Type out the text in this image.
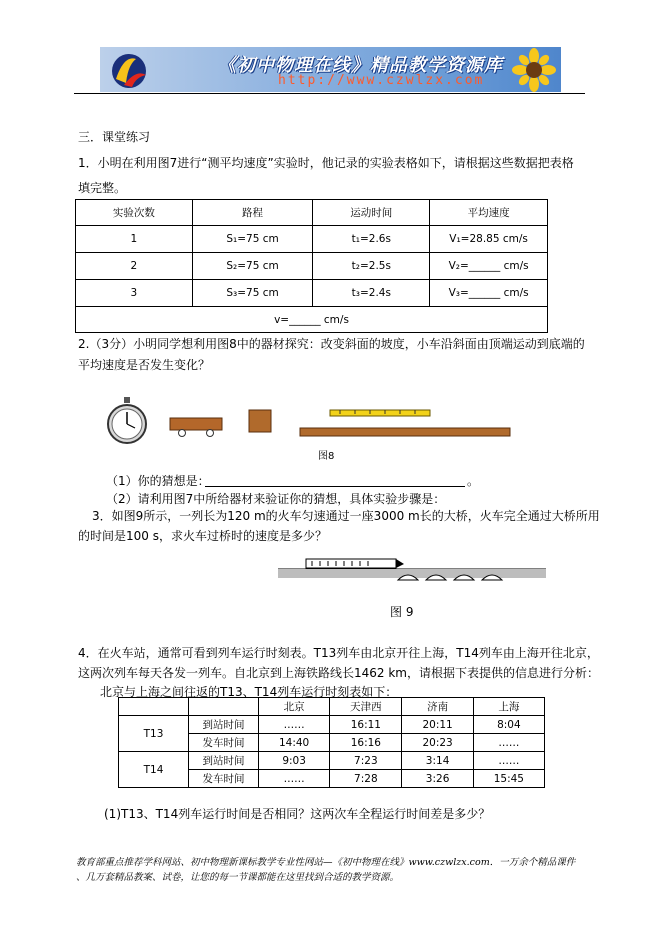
《初中物理在线》精品教学资源库
http://www.czwlzx.com
三．课堂练习
1．小明在利用图7进行“测平均速度”实验时，他记录的实验表格如下，请根据这些数据把表格
填完整。
实验次数	路程	运动时间	平均速度
1	S₁=75 cm	t₁=2.6s	V₁=28.85 cm/s
2	S₂=75 cm	t₂=2.5s	V₂=______ cm/s
3	S₃=75 cm	t₃=2.4s	V₃=______ cm/s
v=______ cm/s			
2.（3分）小明同学想利用图8中的器材探究：改变斜面的坡度，小车沿斜面由顶端运动到底端的
平均速度是否发生变化？
图8
（1）你的猜想是：	。
（2）请利用图7中所给器材来验证你的猜想，具体实验步骤是：
3．如图9所示，一列长为120 m的火车匀速通过一座3000 m长的大桥，火车完全通过大桥所用
的时间是100 s，求火车过桥时的速度是多少？
图 9
4．在火车站，通常可看到列车运行时刻表。T13列车由北京开往上海，T14列车由上海开往北京，
这两次列车每天各发一列车。自北京到上海铁路线长1462 km，请根据下表提供的信息进行分析：
北京与上海之间往返的T13、T14列车运行时刻表如下：
		北京	天津西	济南	上海
T13	到站时间	……	16:11	20:11	8:04
	发车时间	14:40	16:16	20:23	……
T14	到站时间	9:03	7:23	3:14	……
	发车时间	……	7:28	3:26	15:45
(1)T13、T14列车运行时间是否相同？这两次车全程运行时间差是多少？
教育部重点推荐学科网站、初中物理新课标教学专业性网站—《初中物理在线》www.czwlzx.com．一万余个精品课件
、几万套精品教案、试卷，让您的每一节课都能在这里找到合适的教学资源。
